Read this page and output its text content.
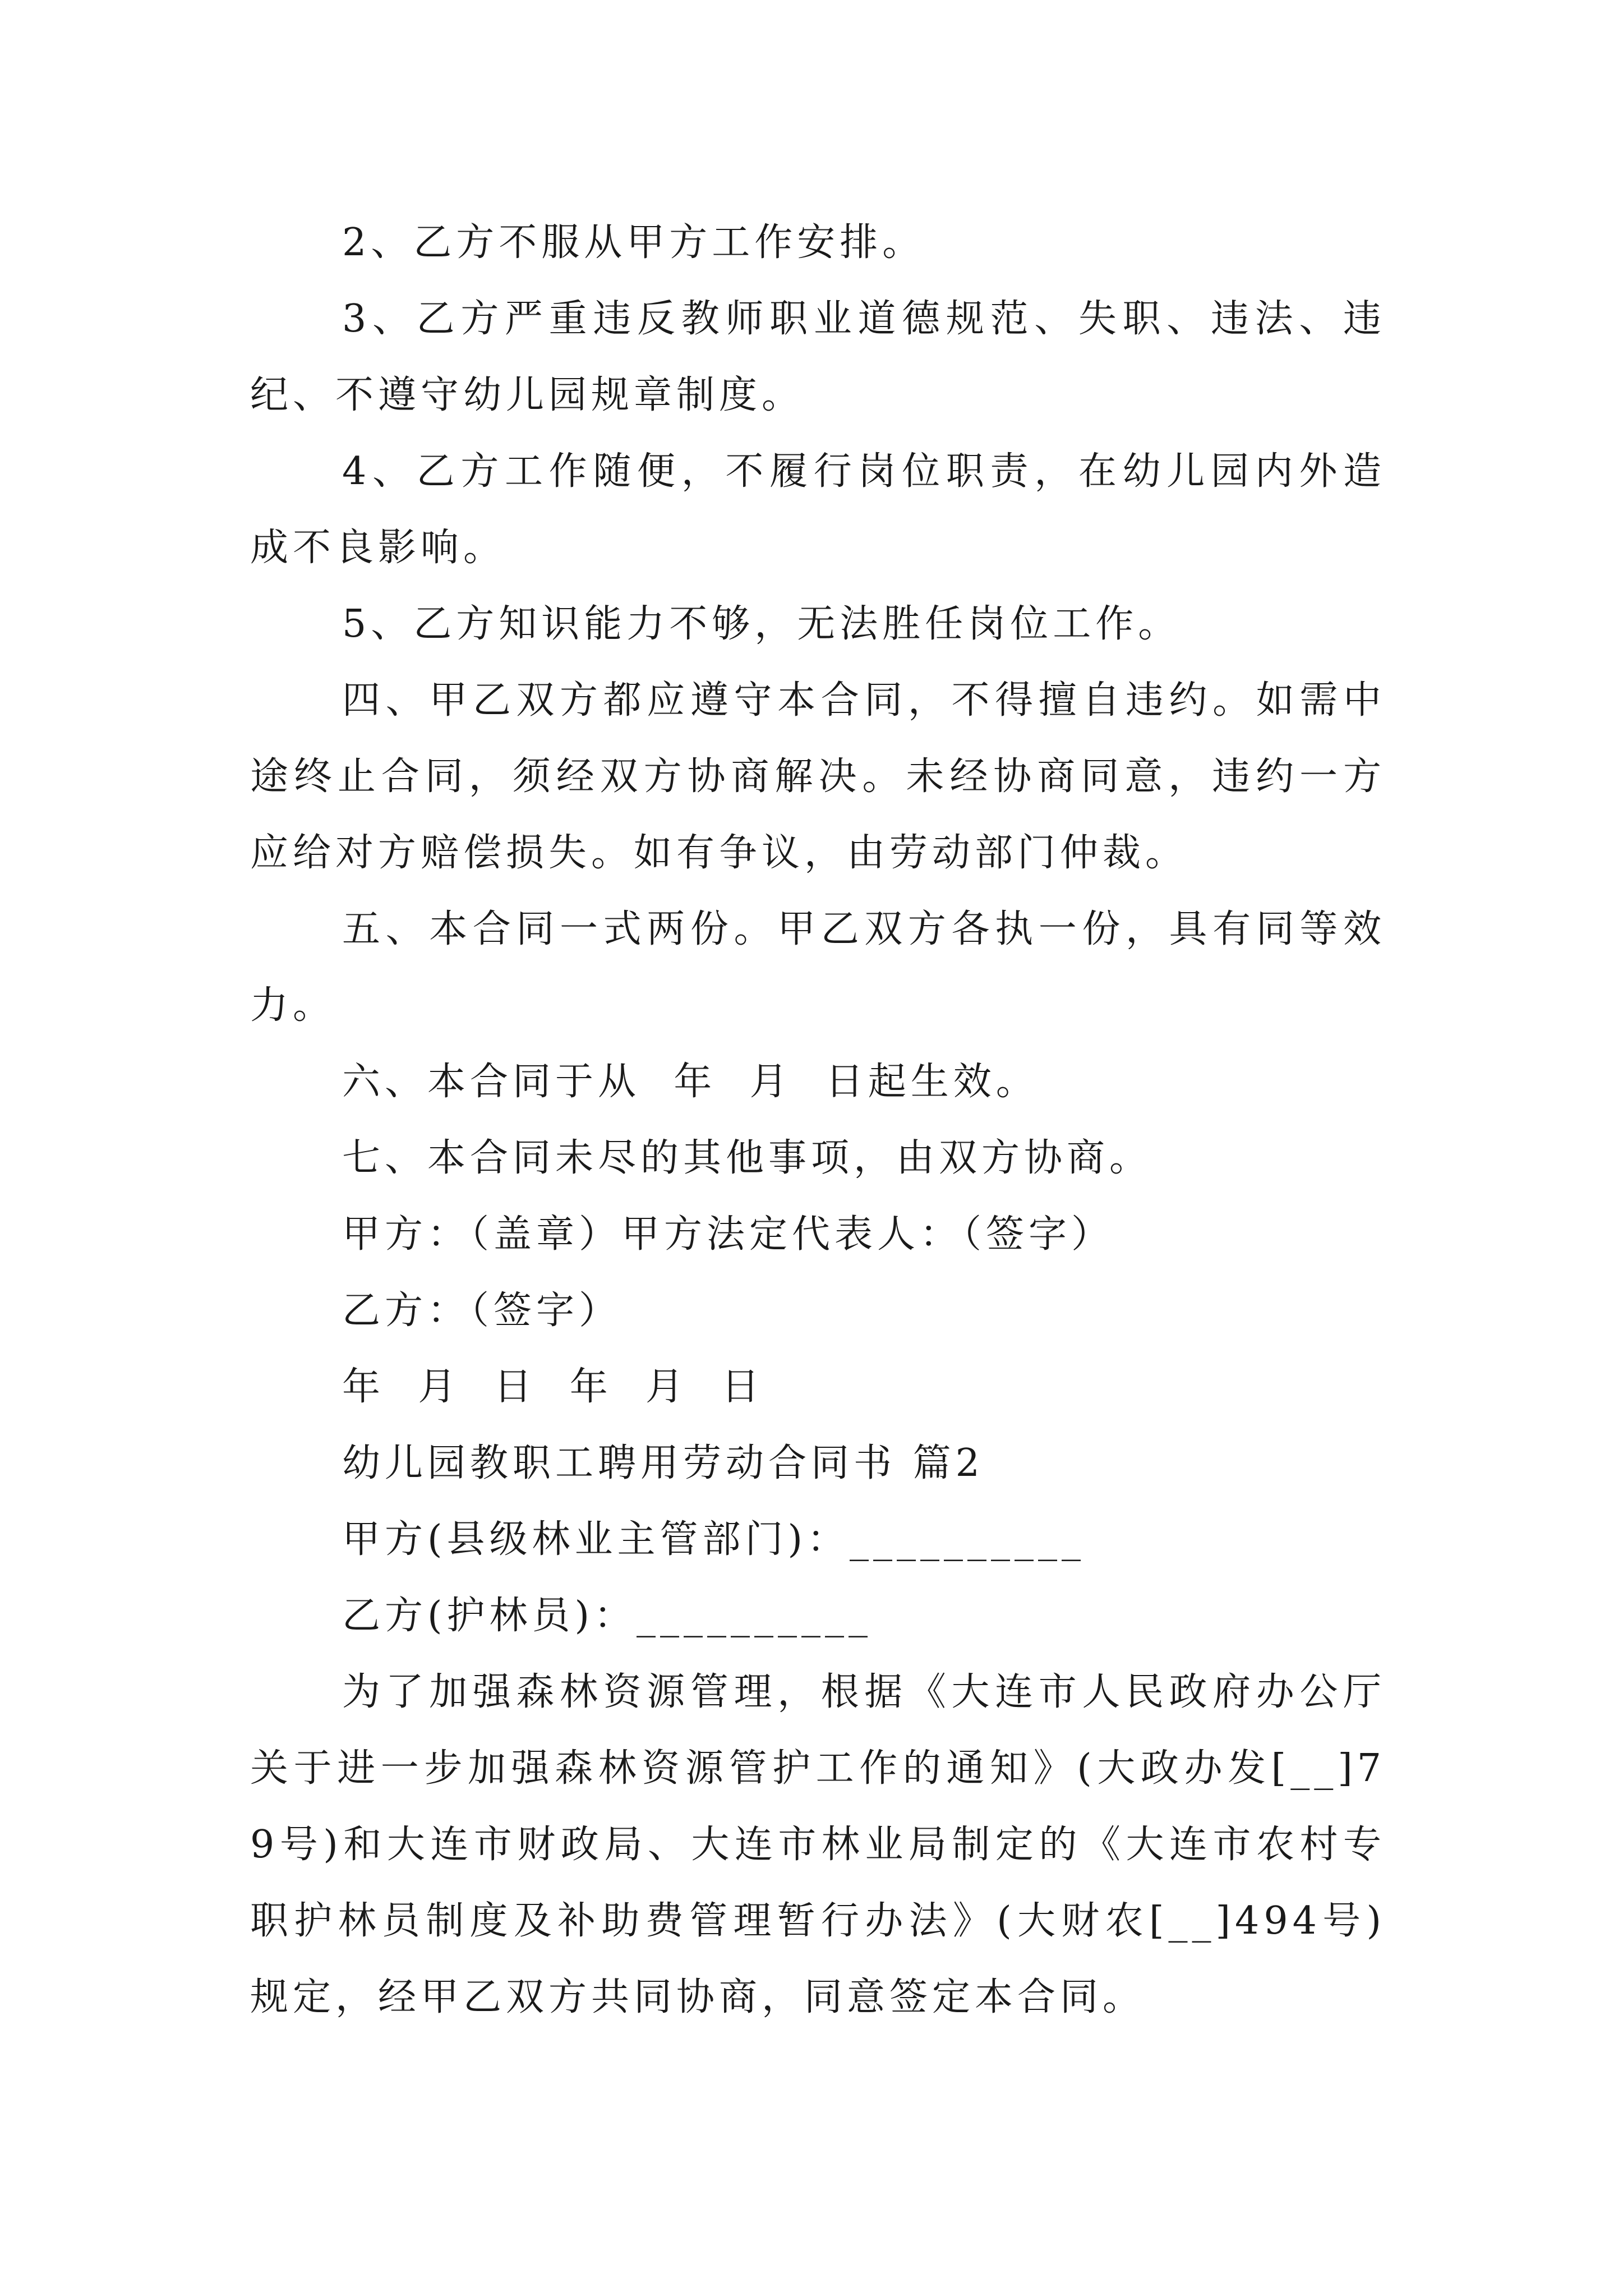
2、乙方不服从甲方工作安排。

3、乙方严重违反教师职业道德规范、失职、违法、违纪、不遵守幼儿园规章制度。

4、乙方工作随便，不履行岗位职责，在幼儿园内外造成不良影响。

5、乙方知识能力不够，无法胜任岗位工作。

四、甲乙双方都应遵守本合同，不得擅自违约。如需中途终止合同，须经双方协商解决。未经协商同意，违约一方应给对方赔偿损失。如有争议，由劳动部门仲裁。

五、本合同一式两份。甲乙双方各执一份，具有同等效力。

六、本合同于从  年  月  日起生效。

七、本合同未尽的其他事项，由双方协商。

甲方：（盖章）甲方法定代表人：（签字）

乙方：（签字）

年  月  日  年  月  日

幼儿园教职工聘用劳动合同书 篇2

甲方(县级林业主管部门)：__________

乙方(护林员)：__________

为了加强森林资源管理，根据《大连市人民政府办公厅关于进一步加强森林资源管护工作的通知》(大政办发[__]79号)和大连市财政局、大连市林业局制定的《大连市农村专职护林员制度及补助费管理暂行办法》(大财农[__]494号)规定，经甲乙双方共同协商，同意签定本合同。
